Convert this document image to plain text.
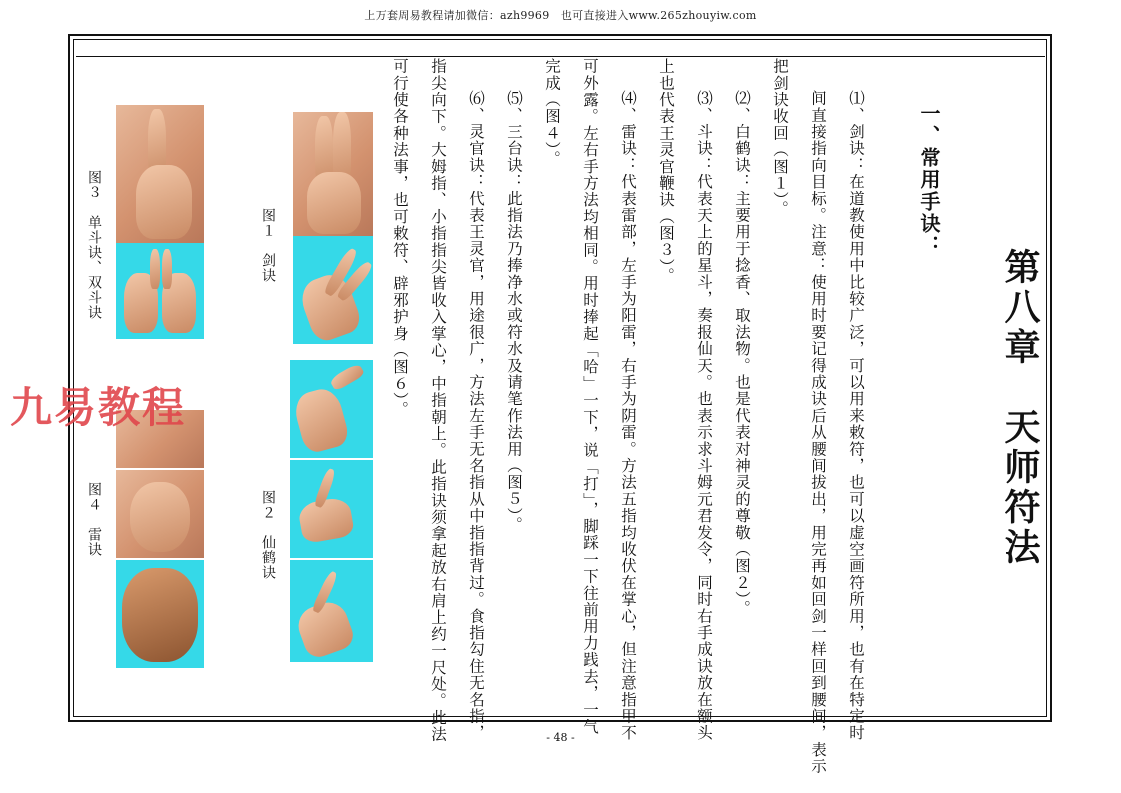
上万套周易教程请加微信：azh9969　也可直接进入www.265zhouyiw.com
第八章　天师符法
一、常用手诀：
⑴、剑诀：在道教使用中比较广泛，可以用来敕符，也可以虚空画符所用，也有在特定时
间直接指向目标。注意：使用时要记得成诀后从腰间拔出，用完再如回剑一样回到腰间，表示
把剑诀收回（图１）。
⑵、白鹤诀：主要用于捻香、取法物。也是代表对神灵的尊敬（图２）。
⑶、斗诀：代表天上的星斗，奏报仙天。也表示求斗姆元君发令，同时右手成诀放在额头
上也代表王灵官鞭诀（图３）。
⑷、雷诀：代表雷部，左手为阳雷，右手为阴雷。方法五指均收伏在掌心，但注意指甲不
可外露。左右手方法均相同。用时捧起「哈」一下，说「打」，脚踩一下往前用力践去，一气
完成（图４）。
⑸、三台诀：此指法乃捧净水或符水及请笔作法用（图５）。
⑹、灵官诀：代表王灵官，用途很广，方法左手无名指从中指指背过。食指勾住无名指，
指尖向下。大姆指、小指指尖皆收入掌心，中指朝上。此指诀须拿起放右肩上约一尺处。此法
可行使各种法事，也可敕符、辟邪护身（图６）。
图１　剑诀
图２　仙鹤诀
图３　单斗诀、双斗诀
图４　雷诀
九易教程
- 48 -
